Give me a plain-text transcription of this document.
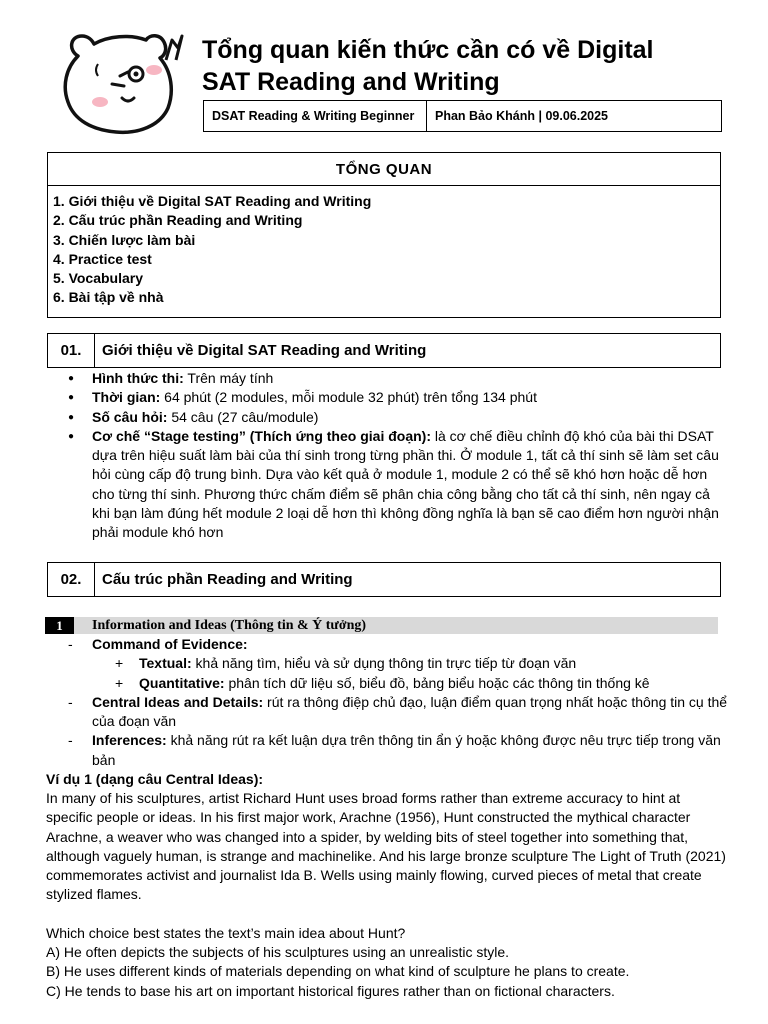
Tổng quan kiến thức cần có về Digital
SAT Reading and Writing
DSAT Reading & Writing Beginner	Phan Bảo Khánh | 09.06.2025
TỔNG QUAN
1. Giới thiệu về Digital SAT Reading and Writing
2. Cấu trúc phần Reading and Writing
3. Chiến lược làm bài
4. Practice test
5. Vocabulary
6. Bài tập về nhà
01.	Giới thiệu về Digital SAT Reading and Writing
● Hình thức thi: Trên máy tính
● Thời gian: 64 phút (2 modules, mỗi module 32 phút) trên tổng 134 phút
● Số câu hỏi: 54 câu (27 câu/module)
● Cơ chế “Stage testing” (Thích ứng theo giai đoạn): là cơ chế điều chỉnh độ khó của bài thi DSAT dựa trên hiệu suất làm bài của thí sinh trong từng phần thi. Ở module 1, tất cả thí sinh sẽ làm set câu hỏi cùng cấp độ trung bình. Dựa vào kết quả ở module 1, module 2 có thể sẽ khó hơn hoặc dễ hơn cho từng thí sinh. Phương thức chấm điểm sẽ phân chia công bằng cho tất cả thí sinh, nên ngay cả khi bạn làm đúng hết module 2 loại dễ hơn thì không đồng nghĩa là bạn sẽ cao điểm hơn người nhận phải module khó hơn
02.	Cấu trúc phần Reading and Writing
1	Information and Ideas (Thông tin & Ý tưởng)
- Command of Evidence:
+ Textual: khả năng tìm, hiểu và sử dụng thông tin trực tiếp từ đoạn văn
+ Quantitative: phân tích dữ liệu số, biểu đồ, bảng biểu hoặc các thông tin thống kê
- Central Ideas and Details: rút ra thông điệp chủ đạo, luận điểm quan trọng nhất hoặc thông tin cụ thể của đoạn văn
- Inferences: khả năng rút ra kết luận dựa trên thông tin ẩn ý hoặc không được nêu trực tiếp trong văn bản
Ví dụ 1 (dạng câu Central Ideas):
In many of his sculptures, artist Richard Hunt uses broad forms rather than extreme accuracy to hint at specific people or ideas. In his first major work, Arachne (1956), Hunt constructed the mythical character Arachne, a weaver who was changed into a spider, by welding bits of steel together into something that, although vaguely human, is strange and machinelike. And his large bronze sculpture The Light of Truth (2021) commemorates activist and journalist Ida B. Wells using mainly flowing, curved pieces of metal that create stylized flames.
Which choice best states the text’s main idea about Hunt?
A) He often depicts the subjects of his sculptures using an unrealistic style.
B) He uses different kinds of materials depending on what kind of sculpture he plans to create.
C) He tends to base his art on important historical figures rather than on fictional characters.
